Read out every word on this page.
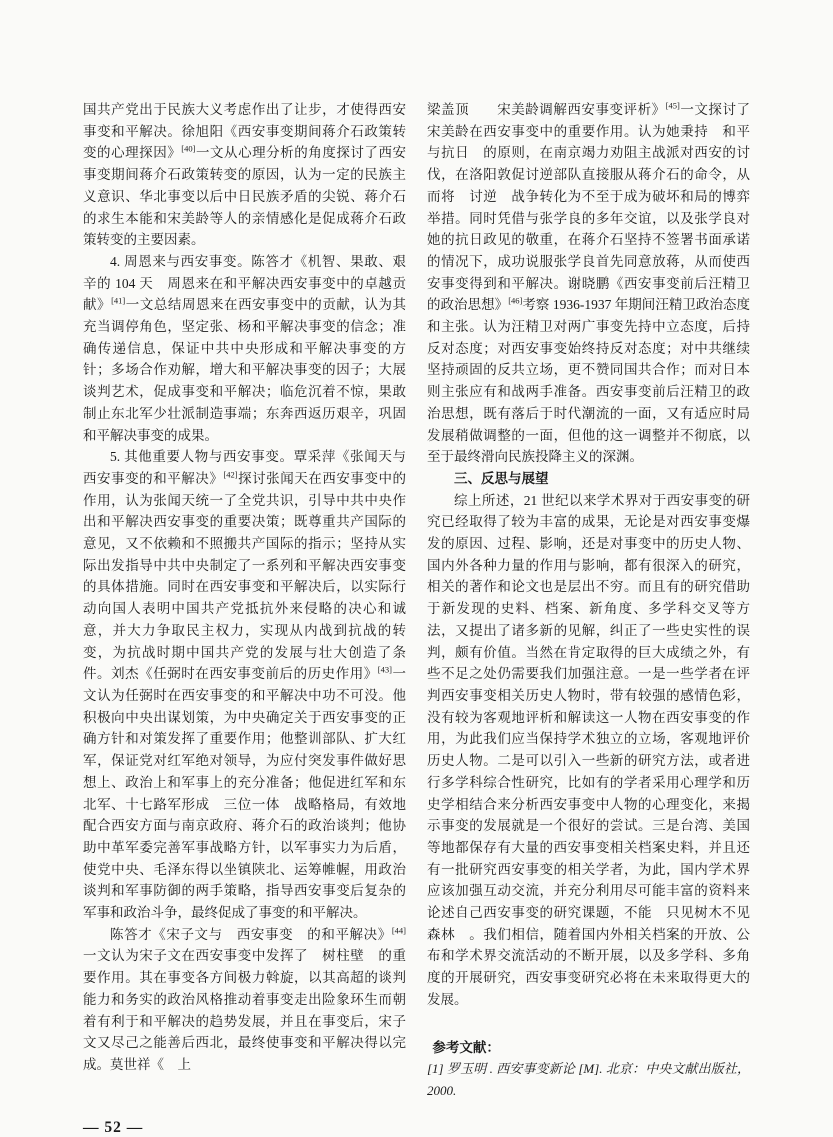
国共产党出于民族大义考虑作出了让步，才使得西安事变和平解决。徐旭阳《西安事变期间蒋介石政策转变的心理探因》[40]一文从心理分析的角度探讨了西安事变期间蒋介石政策转变的原因，认为一定的民族主义意识、华北事变以后中日民族矛盾的尖锐、蒋介石的求生本能和宋美龄等人的亲情感化是促成蒋介石政策转变的主要因素。

4. 周恩来与西安事变。陈答才《机智、果敢、艰辛的 104 天　周恩来在和平解决西安事变中的卓越贡献》[41]一文总结周恩来在西安事变中的贡献，认为其充当调停角色，坚定张、杨和平解决事变的信念；准确传递信息，保证中共中央形成和平解决事变的方针；多场合作劝解，增大和平解决事变的因子；大展谈判艺术，促成事变和平解决；临危沉着不惊，果敢制止东北军少壮派制造事端；东奔西返历艰辛，巩固和平解决事变的成果。

5. 其他重要人物与西安事变。覃采萍《张闻天与西安事变的和平解决》[42]探讨张闻天在西安事变中的作用，认为张闻天统一了全党共识，引导中共中央作出和平解决西安事变的重要决策；既尊重共产国际的意见，又不依赖和不照搬共产国际的指示；坚持从实际出发指导中共中央制定了一系列和平解决西安事变的具体措施。同时在西安事变和平解决后，以实际行动向国人表明中国共产党抵抗外来侵略的决心和诚意，并大力争取民主权力，实现从内战到抗战的转变，为抗战时期中国共产党的发展与壮大创造了条件。刘杰《任弼时在西安事变前后的历史作用》[43]一文认为任弼时在西安事变的和平解决中功不可没。他积极向中央出谋划策，为中央确定关于西安事变的正确方针和对策发挥了重要作用；他整训部队、扩大红军，保证党对红军绝对领导，为应付突发事件做好思想上、政治上和军事上的充分准备；他促进红军和东北军、十七路军形成　三位一体　战略格局，有效地配合西安方面与南京政府、蒋介石的政治谈判；他协助中革军委完善军事战略方针，以军事实力为后盾，使党中央、毛泽东得以坐镇陕北、运筹帷幄，用政治谈判和军事防御的两手策略，指导西安事变后复杂的军事和政治斗争，最终促成了事变的和平解决。

陈答才《宋子文与　西安事变　的和平解决》[44]一文认为宋子文在西安事变中发挥了　树柱壁　的重要作用。其在事变各方间极力斡旋，以其高超的谈判能力和务实的政治风格推动着事变走出险象环生而朝着有利于和平解决的趋势发展，并且在事变后，宋子文又尽己之能善后西北，最终使事变和平解决得以完成。莫世祥《　上

梁盖顶　　宋美龄调解西安事变评析》[45]一文探讨了宋美龄在西安事变中的重要作用。认为她秉持　和平与抗日　的原则，在南京竭力劝阻主战派对西安的讨伐，在洛阳敦促讨逆部队直接服从蒋介石的命令，从而将　讨逆　战争转化为不至于成为破坏和局的博弈举措。同时凭借与张学良的多年交谊，以及张学良对她的抗日政见的敬重，在蒋介石坚持不签署书面承诺的情况下，成功说服张学良首先同意放蒋，从而使西安事变得到和平解决。谢晓鹏《西安事变前后汪精卫的政治思想》[46]考察 1936-1937 年期间汪精卫政治态度和主张。认为汪精卫对两广事变先持中立态度，后持反对态度；对西安事变始终持反对态度；对中共继续坚持顽固的反共立场，更不赞同国共合作；而对日本则主张应有和战两手准备。西安事变前后汪精卫的政治思想，既有落后于时代潮流的一面，又有适应时局发展稍做调整的一面，但他的这一调整并不彻底，以至于最终滑向民族投降主义的深渊。

三、反思与展望

综上所述，21 世纪以来学术界对于西安事变的研究已经取得了较为丰富的成果，无论是对西安事变爆发的原因、过程、影响，还是对事变中的历史人物、国内外各种力量的作用与影响，都有很深入的研究，相关的著作和论文也是层出不穷。而且有的研究借助于新发现的史料、档案、新角度、多学科交叉等方法，又提出了诸多新的见解，纠正了一些史实性的误判，颇有价值。当然在肯定取得的巨大成绩之外，有些不足之处仍需要我们加强注意。一是一些学者在评判西安事变相关历史人物时，带有较强的感情色彩，没有较为客观地评析和解读这一人物在西安事变的作用，为此我们应当保持学术独立的立场，客观地评价历史人物。二是可以引入一些新的研究方法，或者进行多学科综合性研究，比如有的学者采用心理学和历史学相结合来分析西安事变中人物的心理变化，来揭示事变的发展就是一个很好的尝试。三是台湾、美国等地都保存有大量的西安事变相关档案史料，并且还有一批研究西安事变的相关学者，为此，国内学术界应该加强互动交流，并充分利用尽可能丰富的资料来论述自己西安事变的研究课题，不能　只见树木不见森林　。我们相信，随着国内外相关档案的开放、公布和学术界交流活动的不断开展，以及多学科、多角度的开展研究，西安事变研究必将在未来取得更大的发展。

参考文献：

[1] 罗玉明 . 西安事变新论 [M]. 北京：中央文献出版社，2000.

— 52 —
